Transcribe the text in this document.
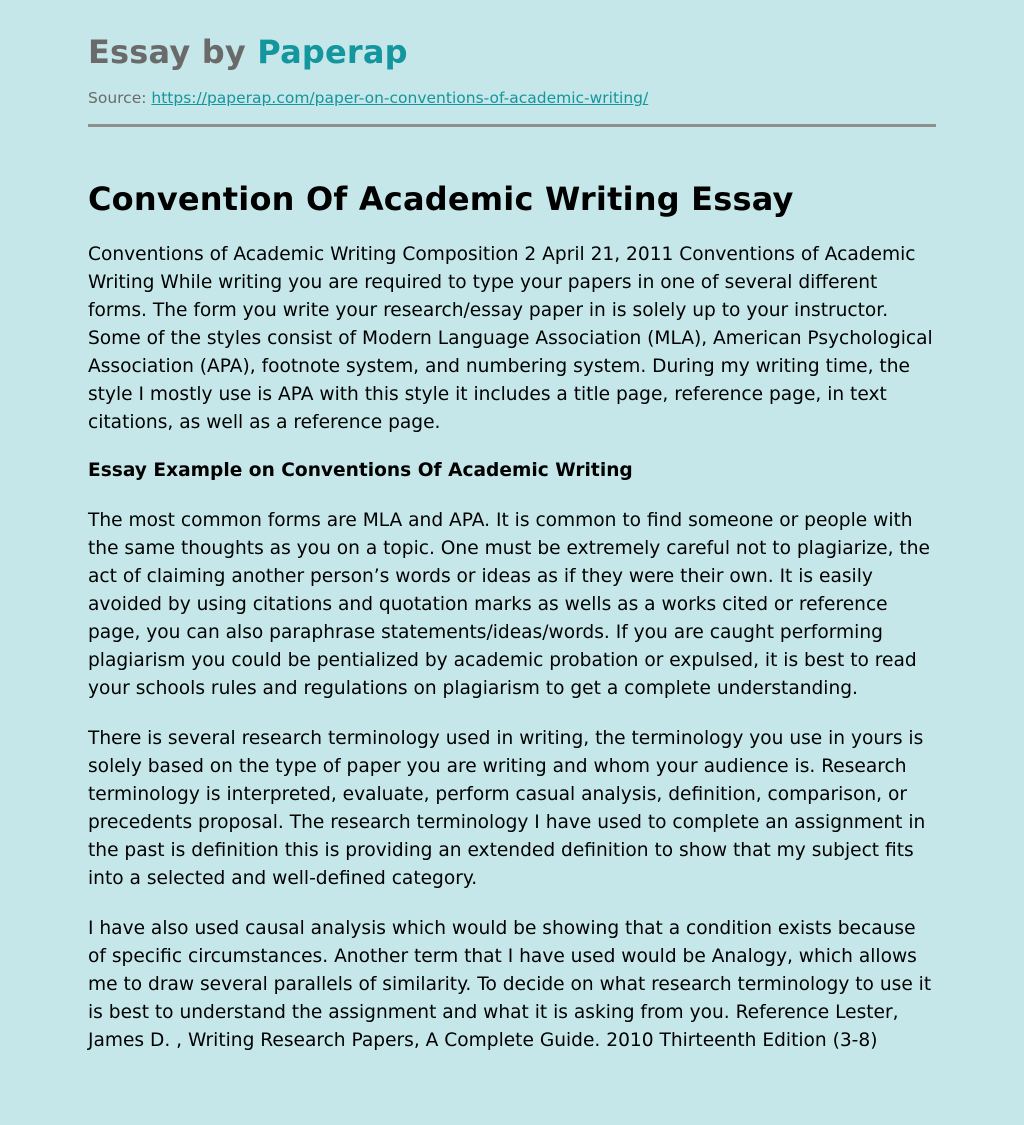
Essay by Paperap
Source: https://paperap.com/paper-on-conventions-of-academic-writing/
Convention Of Academic Writing Essay

Conventions of Academic Writing Composition 2 April 21, 2011 Conventions of Academic Writing While writing you are required to type your papers in one of several different forms. The form you write your research/essay paper in is solely up to your instructor. Some of the styles consist of Modern Language Association (MLA), American Psychological Association (APA), footnote system, and numbering system. During my writing time, the style I mostly use is APA with this style it includes a title page, reference page, in text citations, as well as a reference page.

Essay Example on Conventions Of Academic Writing

The most common forms are MLA and APA. It is common to find someone or people with the same thoughts as you on a topic. One must be extremely careful not to plagiarize, the act of claiming another person’s words or ideas as if they were their own. It is easily avoided by using citations and quotation marks as wells as a works cited or reference page, you can also paraphrase statements/ideas/words. If you are caught performing plagiarism you could be pentialized by academic probation or expulsed, it is best to read your schools rules and regulations on plagiarism to get a complete understanding.

There is several research terminology used in writing, the terminology you use in yours is solely based on the type of paper you are writing and whom your audience is. Research terminology is interpreted, evaluate, perform casual analysis, definition, comparison, or precedents proposal. The research terminology I have used to complete an assignment in the past is definition this is providing an extended definition to show that my subject fits into a selected and well-defined category.

I have also used causal analysis which would be showing that a condition exists because of specific circumstances. Another term that I have used would be Analogy, which allows me to draw several parallels of similarity. To decide on what research terminology to use it is best to understand the assignment and what it is asking from you. Reference Lester, James D. , Writing Research Papers, A Complete Guide. 2010 Thirteenth Edition (3-8)
